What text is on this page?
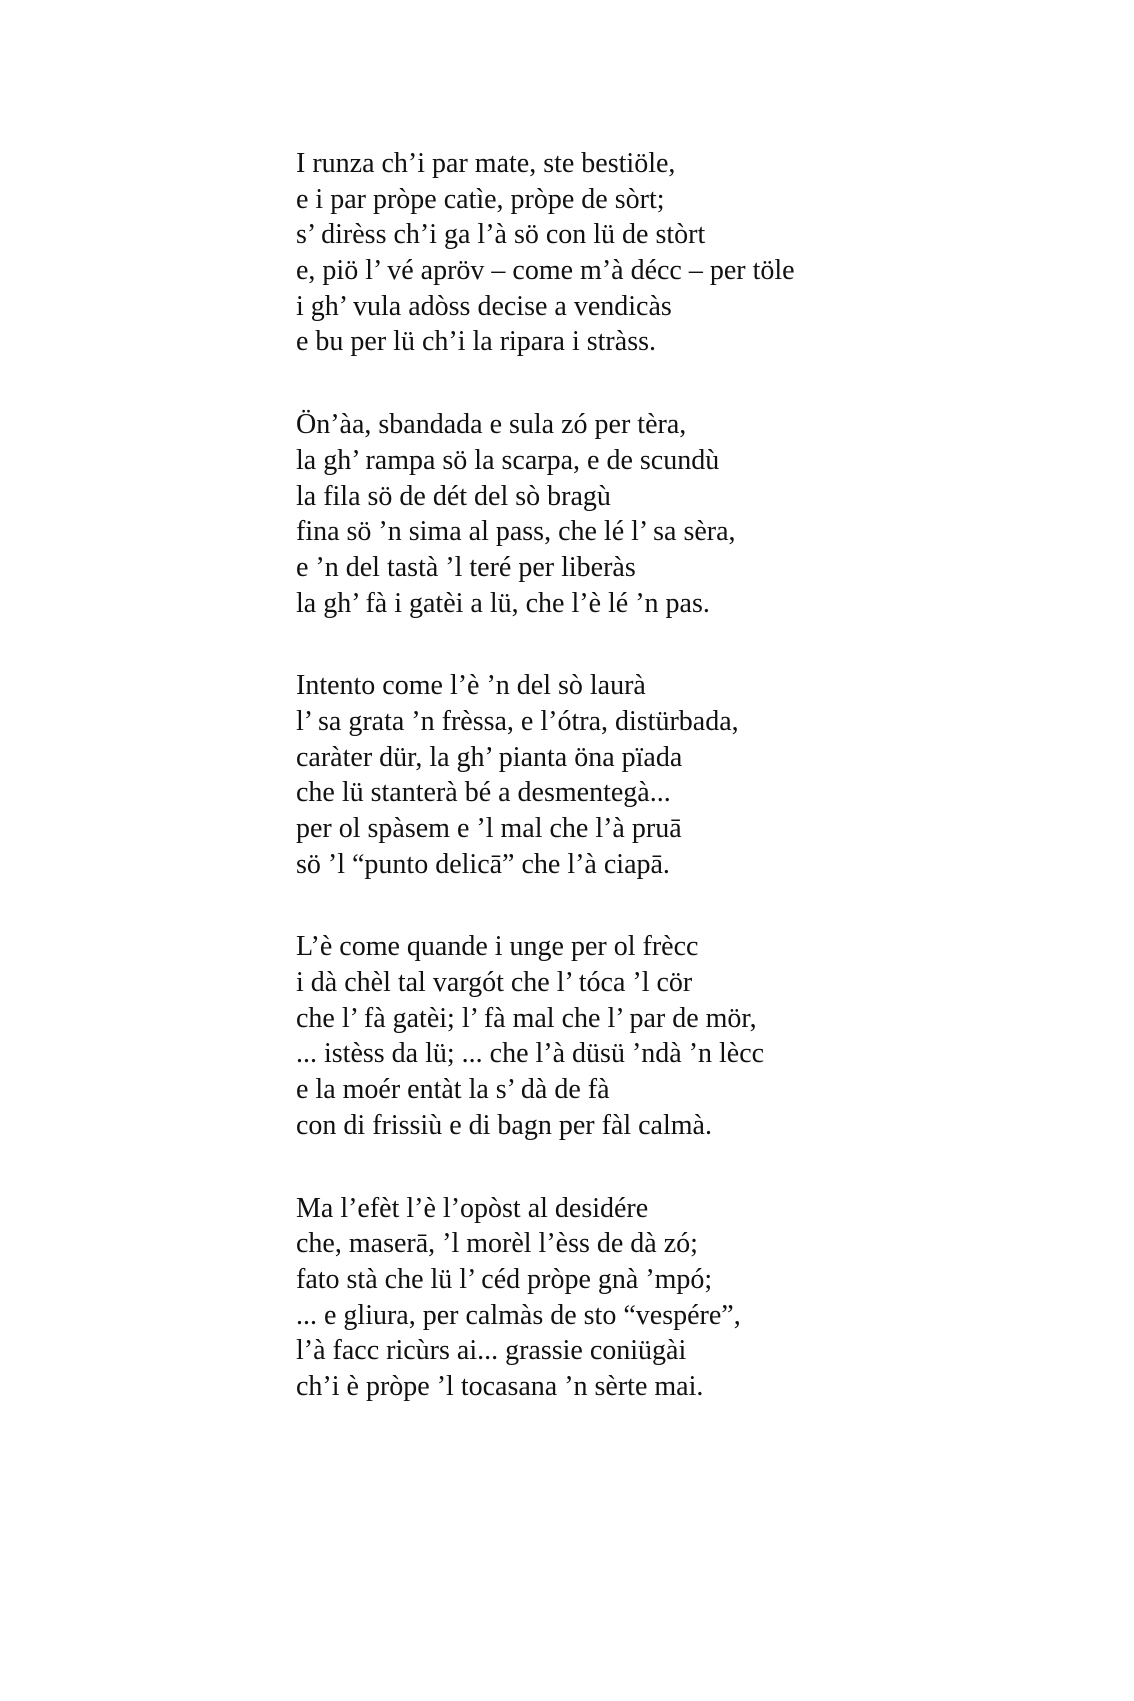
I runza ch’i par mate, ste bestiöle,
e i par pròpe catìe, pròpe de sòrt;
s’ dirèss ch’i ga l’à sö con lü de stòrt
e, piö l’ vé apröv – come m’à décc – per töle
i gh’ vula adòss decise a vendicàs
e bu per lü ch’i la ripara i stràss.
Ön’àa, sbandada e sula zó per tèra,
la gh’ rampa sö la scarpa, e de scundù
la fila sö de dét del sò bragù
fina sö ’n sima al pass, che lé l’ sa sèra,
e ’n del tastà ’l teré per liberàs
la gh’ fà i gatèi a lü, che l’è lé ’n pas.
Intento come l’è ’n del sò laurà
l’ sa grata ’n frèssa, e l’ótra, distürbada,
caràter dür, la gh’ pianta öna pïada
che lü stanterà bé a desmentegà...
per ol spàsem e ’l mal che l’à pruā
sö ’l “punto delicā” che l’à ciapā.
L’è come quande i unge per ol frècc
i dà chèl tal vargót che l’ tóca ’l cör
che l’ fà gatèi; l’ fà mal che l’ par de mör,
... istèss da lü; ... che l’à düsü ’ndà ’n lècc
e la moér entàt la s’ dà de fà
con di frissiù e di bagn per fàl calmà.
Ma l’efèt l’è l’opòst al desidére
che, maserā, ’l morèl l’èss de dà zó;
fato stà che lü l’ céd pròpe gnà ’mpó;
... e gliura, per calmàs de sto “vespére”,
l’à facc ricùrs ai... grassie coniügài
ch’i è pròpe ’l tocasana ’n sèrte mai.
